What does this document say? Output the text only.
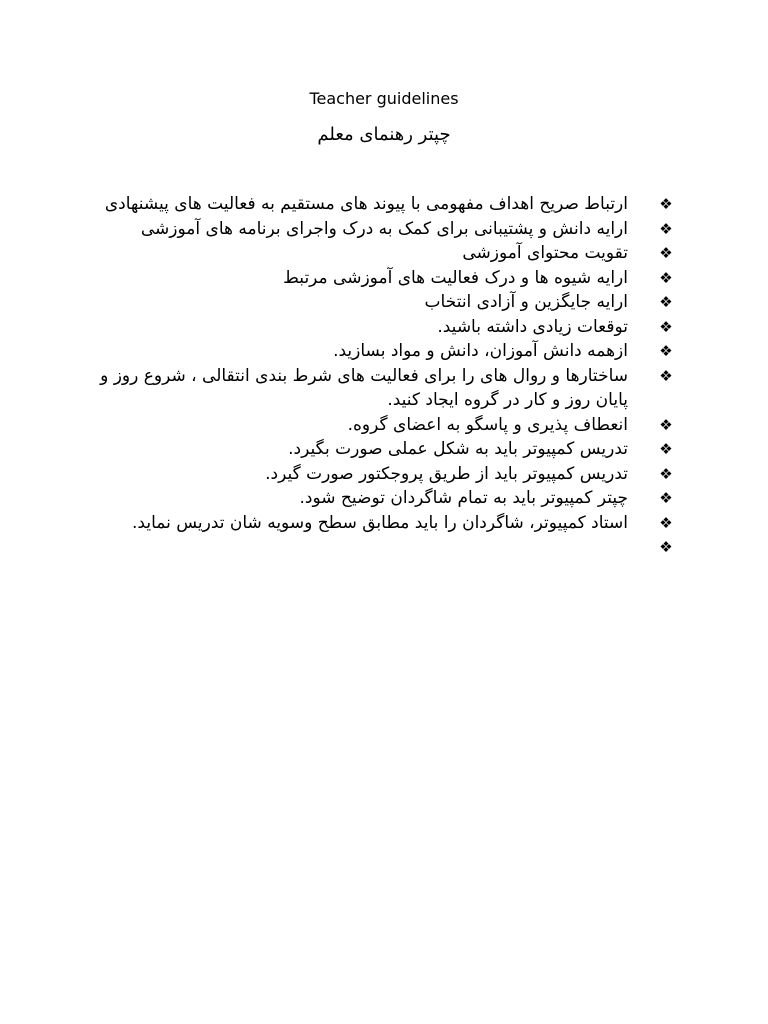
Teacher guidelines
چپتر رهنمای معلم
❖
ارتباط صریح اهداف مفهومی با پیوند های مستقیم به فعالیت های پیشنهادی
❖
ارایه دانش و پشتیبانی برای کمک به درک واجرای برنامه های آموزشی
❖
تقویت محتوای آموزشی
❖
ارایه شیوه ها و درک فعالیت های آموزشی مرتبط
❖
ارایه جایگزین و آزادی انتخاب
❖
توقعات زیادی داشته باشید.
❖
ازهمه دانش آموزان، دانش و مواد بسازید.
❖
ساختارها و روال های را برای فعالیت های شرط بندی انتقالی ، شروع روز و پایان روز و کار در گروه ایجاد کنید.
❖
انعطاف پذیری و پاسگو به اعضای گروه.
❖
تدریس کمپیوتر باید به شکل عملی صورت بگیرد.
❖
تدریس کمپیوتر باید از طریق پروجکتور صورت گیرد.
❖
چپتر کمپیوتر باید به تمام شاگردان توضیح شود.
❖
استاد کمپیوتر، شاگردان را باید مطابق سطح وسویه شان تدریس نماید.
❖
